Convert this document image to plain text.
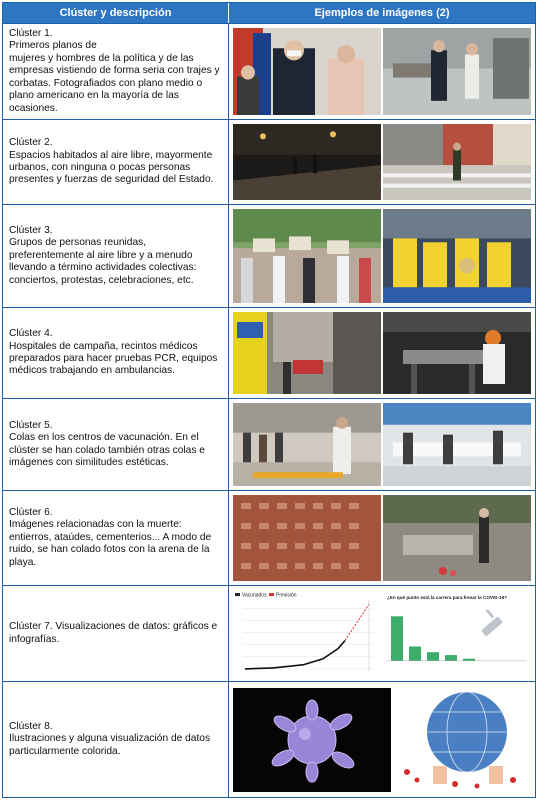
Clúster y descripción	Ejemplos de imágenes (2)
Clúster 1.
Primeros planos de
mujeres y hombres de la política y de las empresas vistiendo de forma seria con trajes y corbatas. Fotografiados con plano medio o plano americano en la mayoría de las ocasiones.
Clúster 2.
Espacios habitados al aire libre, mayormente urbanos, con ninguna o pocas personas presentes y fuerzas de seguridad del Estado.
Clúster 3.
Grupos de personas reunidas, preferentemente al aire libre y a menudo llevando a término actividades colectivas: conciertos, protestas, celebraciones, etc.
Clúster 4.
Hospitales de campaña, recintos médicos preparados para hacer pruebas PCR, equipos médicos trabajando en ambulancias.
Clúster 5.
Colas en los centros de vacunación. En el clúster se han colado también otras colas e imágenes con similitudes estéticas.
Clúster 6.
Imágenes relacionadas con la muerte: entierros, ataúdes, cementerios... A modo de ruido, se han colado fotos con la arena de la playa.
Clúster 7. Visualizaciones de datos: gráficos e infografías.
Vacunados Previsión	¿En qué punto está la carrera para frenar la COVID-19?
Clúster 8.
Ilustraciones y alguna visualización de datos particularmente colorida.
